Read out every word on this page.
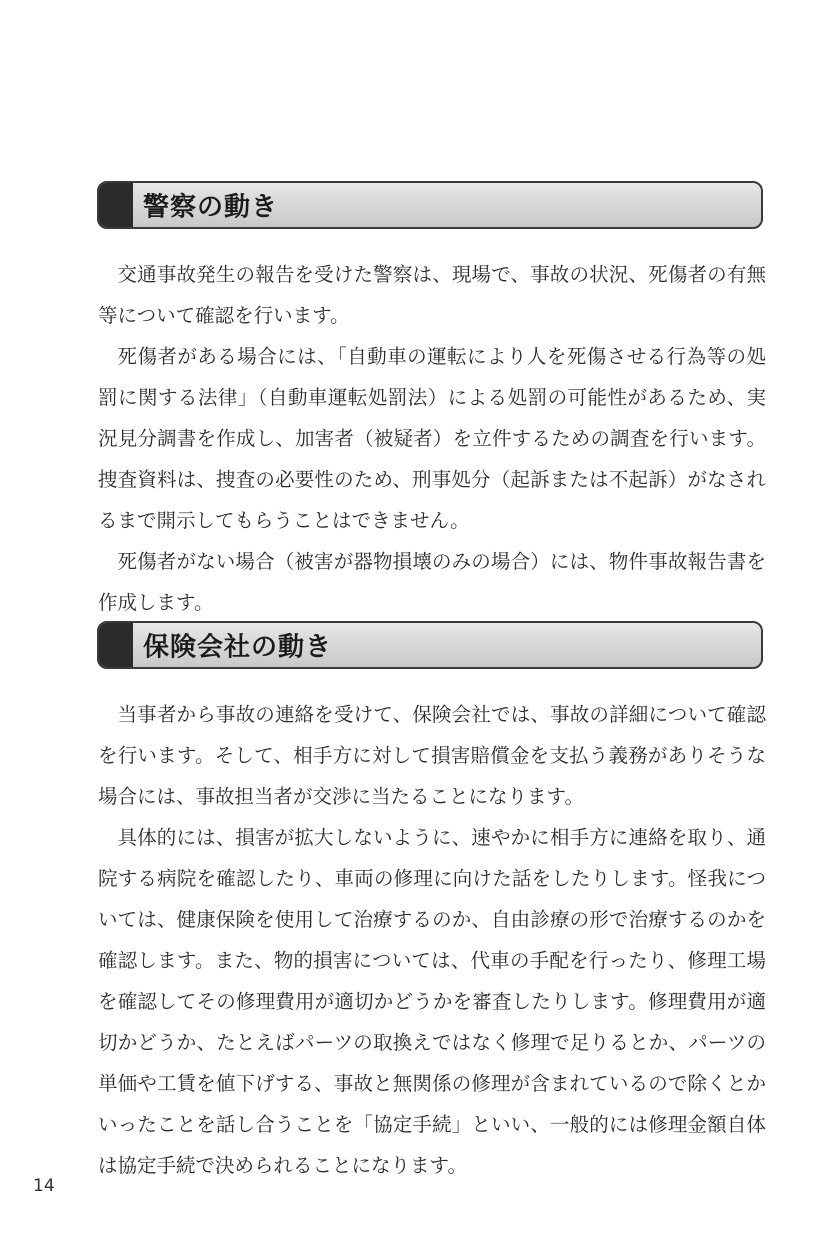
警察の動き

交通事故発生の報告を受けた警察は、現場で、事故の状況、死傷者の有無等について確認を行います。

死傷者がある場合には、「自動車の運転により人を死傷させる行為等の処罰に関する法律」（自動車運転処罰法）による処罰の可能性があるため、実況見分調書を作成し、加害者（被疑者）を立件するための調査を行います。捜査資料は、捜査の必要性のため、刑事処分（起訴または不起訴）がなされるまで開示してもらうことはできません。

死傷者がない場合（被害が器物損壊のみの場合）には、物件事故報告書を作成します。

保険会社の動き

当事者から事故の連絡を受けて、保険会社では、事故の詳細について確認を行います。そして、相手方に対して損害賠償金を支払う義務がありそうな場合には、事故担当者が交渉に当たることになります。

具体的には、損害が拡大しないように、速やかに相手方に連絡を取り、通院する病院を確認したり、車両の修理に向けた話をしたりします。怪我については、健康保険を使用して治療するのか、自由診療の形で治療するのかを確認します。また、物的損害については、代車の手配を行ったり、修理工場を確認してその修理費用が適切かどうかを審査したりします。修理費用が適切かどうか、たとえばパーツの取換えではなく修理で足りるとか、パーツの単価や工賃を値下げする、事故と無関係の修理が含まれているので除くとかいったことを話し合うことを「協定手続」といい、一般的には修理金額自体は協定手続で決められることになります。

14
